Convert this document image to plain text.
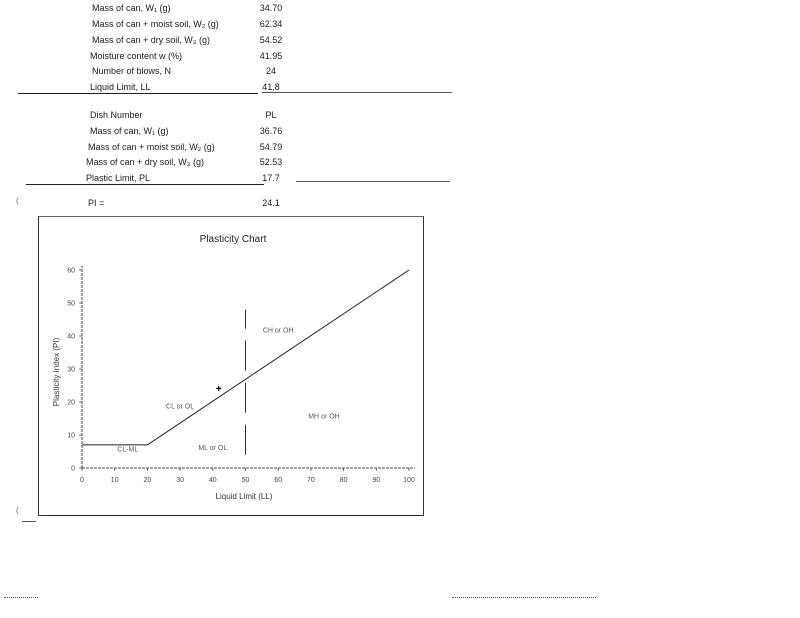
Mass of can, W₁ (g)	34.70
Mass of can + moist soil, W₂ (g)	62.34
Mass of can + dry soil, W₃ (g)	54.52
Moisture content w (%)	41.95
Number of blows, N	24
Liquid Limit, LL	41.8
Dish Number	PL
Mass of can, W₁ (g)	36.76
Mass of can + moist soil, W₂ (g)	54.79
Mass of can + dry soil, W₃ (g)	52.53
Plastic Limit, PL	17.7
PI =	24.1
(
(
Plasticity Chart
Liquid Limit (LL)
Plasticity Index (PI)
0	10	20	30	40	50	60	70	80	90	100
0
10
20
30
40
50
60
CL or OL
CH or OH
MH or OH
ML or OL
CL-ML
